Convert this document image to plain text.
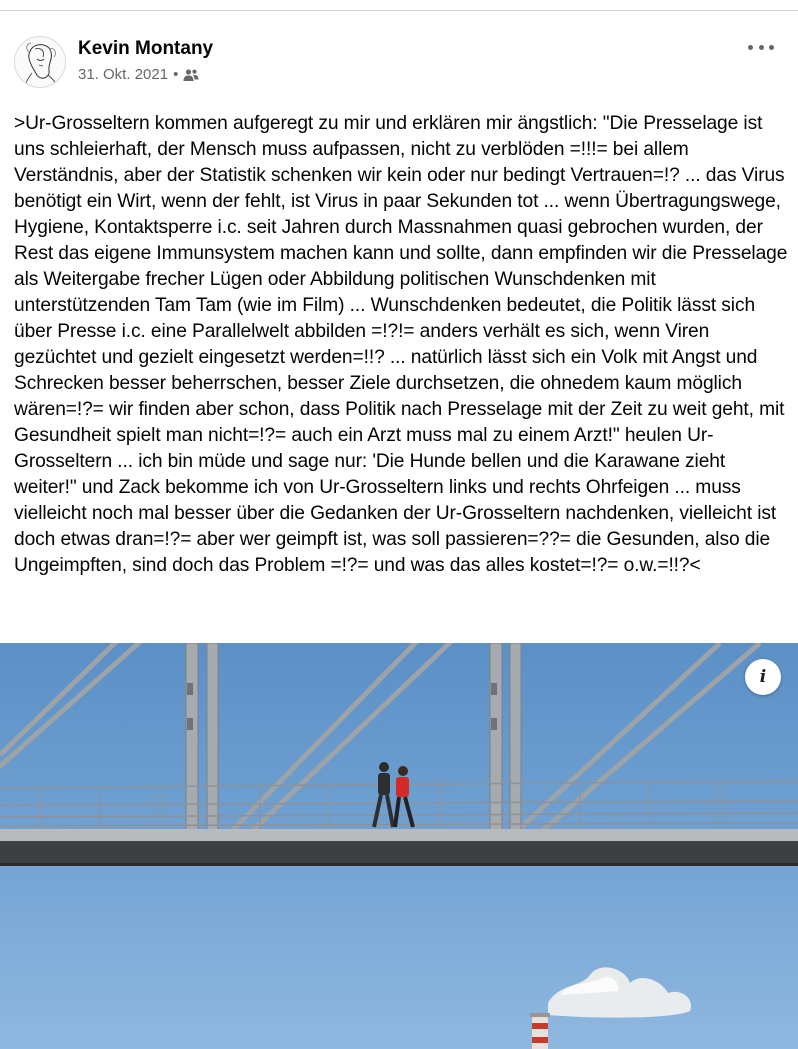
Kevin Montany
31. Okt. 2021 •
>Ur-Grosseltern kommen aufgeregt zu mir und erklären mir ängstlich: "Die Presselage ist uns schleierhaft, der Mensch muss aufpassen, nicht zu verblöden =!!!= bei allem Verständnis, aber der Statistik schenken wir kein oder nur bedingt Vertrauen=!? ... das Virus benötigt ein Wirt, wenn der fehlt, ist Virus in paar Sekunden tot ... wenn Übertragungswege, Hygiene, Kontaktsperre i.c. seit Jahren durch Massnahmen quasi gebrochen wurden, der Rest das eigene Immunsystem machen kann und sollte, dann empfinden wir die Presselage als Weitergabe frecher Lügen oder Abbildung politischen Wunschdenken mit unterstützenden Tam Tam (wie im Film) ... Wunschdenken bedeutet, die Politik lässt sich über Presse i.c. eine Parallelwelt abbilden =!?!= anders verhält es sich, wenn Viren gezüchtet und gezielt eingesetzt werden=!!? ... natürlich lässt sich ein Volk mit Angst und Schrecken besser beherrschen, besser Ziele durchsetzen, die ohnedem kaum möglich wären=!?= wir finden aber schon, dass Politik nach Presselage mit der Zeit zu weit geht, mit Gesundheit spielt man nicht=!?= auch ein Arzt muss mal zu einem Arzt!" heulen Ur-Grosseltern ... ich bin müde und sage nur: 'Die Hunde bellen und die Karawane zieht weiter!" und Zack bekomme ich von Ur-Grosseltern links und rechts Ohrfeigen ... muss vielleicht noch mal besser über die Gedanken der Ur-Grosseltern nachdenken, vielleicht ist doch etwas dran=!?= aber wer geimpft ist, was soll passieren=??= die Gesunden, also die Ungeimpften, sind doch das Problem =!?= und was das alles kostet=!?= o.w.=!!?<
i
